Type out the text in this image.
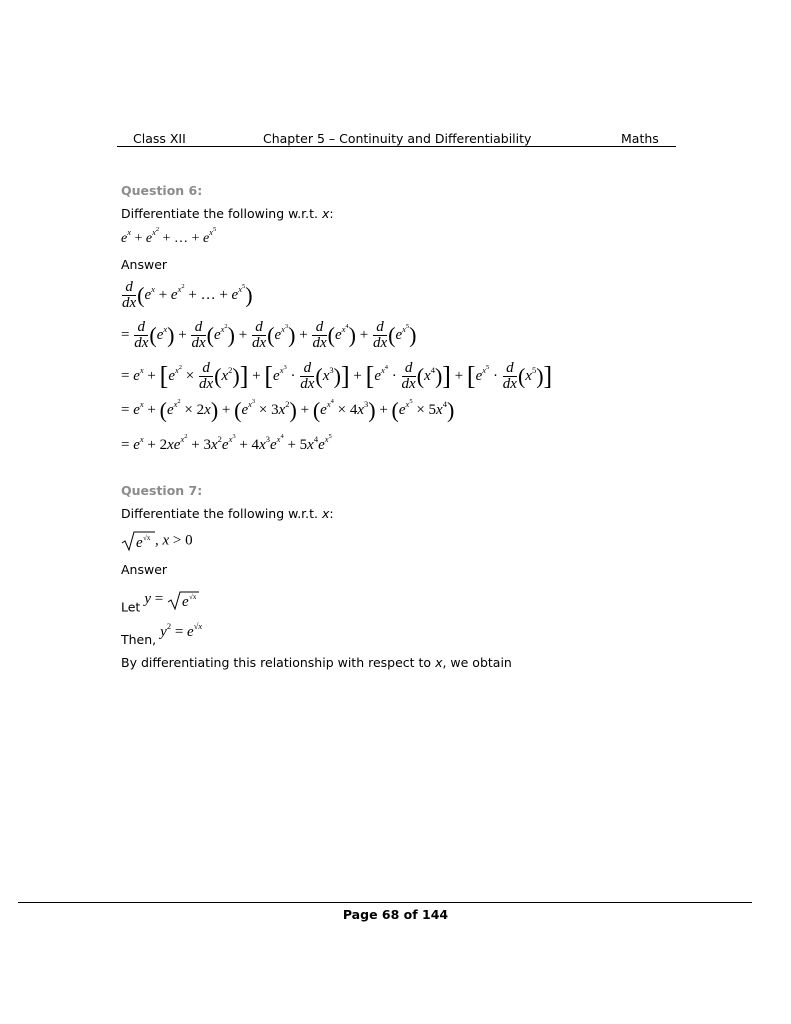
Class XII	Chapter 5 – Continuity and Differentiability	Maths
Question 6:
Differentiate the following w.r.t. x:
$e^x + e^{x^2}$ + … + $e^{x^5}$
Answer
$\frac{d}{dx} (e^x + e^{x^2}$ + … + $e^{x^5}$)
= $\frac{d}{dx} (e^x) + \frac{d}{dx} (e^{x^2}) + \frac{d}{dx} (e^{x^3}) + \frac{d}{dx} (e^{x^4}) + \frac{d}{dx} (e^{x^5})$
= $e^x + [e^{x^2} \times \frac{d}{dx} (x^2)] + [e^{x^3} \cdot \frac{d}{dx} (x^3)] + [e^{x^4} \cdot \frac{d}{dx} (x^4)] + [e^{x^5} \cdot \frac{d}{dx} (x^5)]$
= $e^x + (e^{x^2} \times 2x) + (e^{x^3} \times 3x^2) + (e^{x^4} \times 4x^3) + (e^{x^5} \times 5x^4)$
= $e^x + 2xe^{x^2} + 3x^2e^{x^3} + 4x^3e^{x^4} + 5x^4e^{x^5}$
Question 7:
Differentiate the following w.r.t. x:
e √x , x > 0
Answer
Let y = e √x
Then, $y^2 = e^{√x}$
By differentiating this relationship with respect to x, we obtain
Page 68 of 144
